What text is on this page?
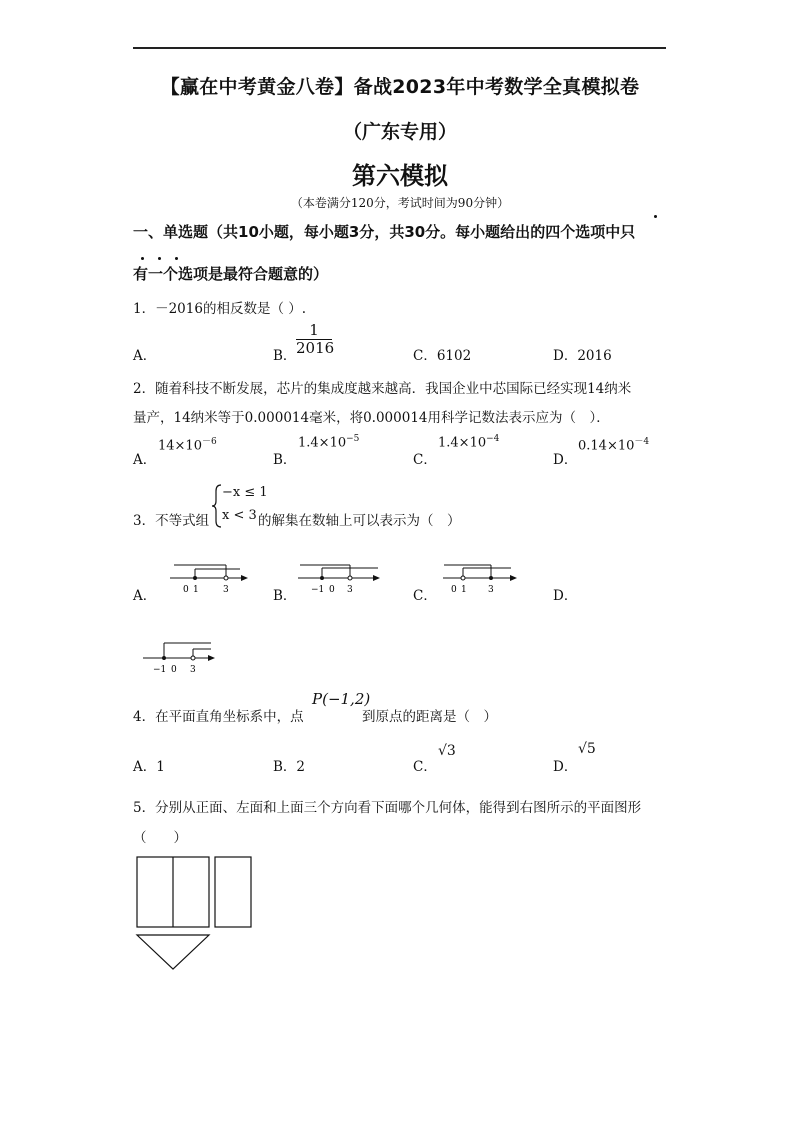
【赢在中考黄金八卷】备战2023年中考数学全真模拟卷
（广东专用）
第六模拟
（本卷满分120分，考试时间为90分钟）
一、单选题（共10小题，每小题3分，共30分。每小题给出的四个选项中只
有一个选项是最符合题意的）
1．－2016的相反数是（ ）.
A．	B．
1
2016	C．6102	D．2016
2．随着科技不断发展，芯片的集成度越来越高．我国企业中芯国际已经实现14纳米
量产，14纳米等于0.000014毫米，将0.000014用科学记数法表示应为（　）．
A．
$14\times 10^{-6}$
B．
$1.4\times 10^{-5}$
C．
$1.4\times 10^{-4}$
D．
$0.14\times 10^{-4}$
3．不等式组
−x ≤ 1
x < 3 的解集在数轴上可以表示为（　）
A．	B．	C．	D．
0 1	3	−1 0 3	0 1 3
−1 0 3
4．在平面直角坐标系中，点
P(−1,2)
到原点的距离是（　）
A．1	B．2	C．
√3
D．
√5
5．分别从正面、左面和上面三个方向看下面哪个几何体，能得到右图所示的平面图形
（　　）
